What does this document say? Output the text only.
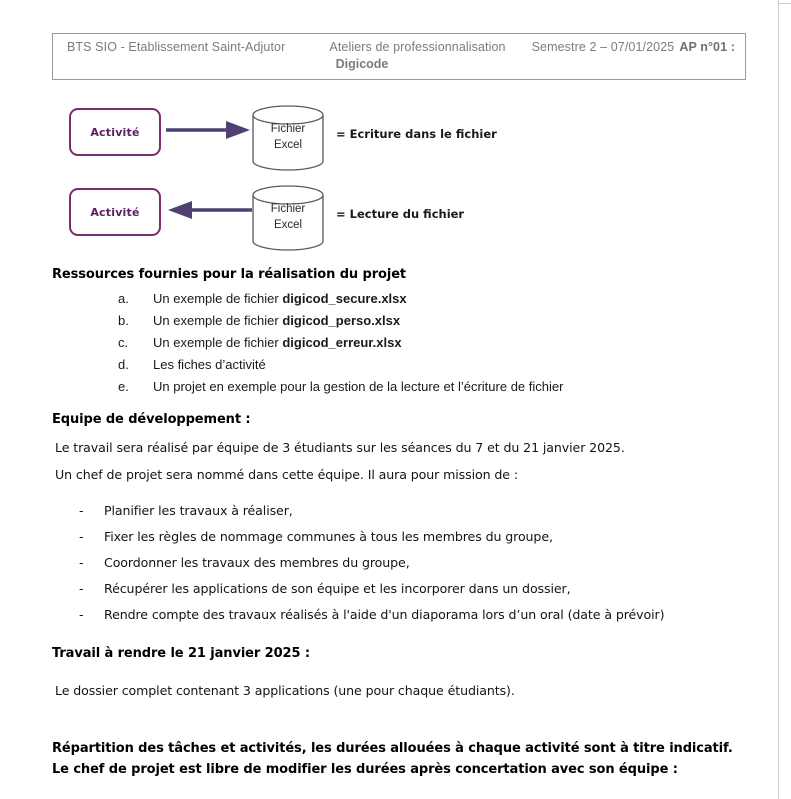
BTS SIO - Etablissement Saint-Adjutor	Ateliers de professionnalisation Semestre 2 – 07/01/2025 AP n°01 :
Digicode
Activité	Fichier
Excel
= Ecriture dans le fichier
Activité	Fichier
Excel
= Lecture du fichier
Ressources fournies pour la réalisation du projet
a.	Un exemple de fichier digicod_secure.xlsx
b.	Un exemple de fichier digicod_perso.xlsx
c.	Un exemple de fichier digicod_erreur.xlsx
d.	Les fiches d’activité
e.	Un projet en exemple pour la gestion de la lecture et l’écriture de fichier
Equipe de développement :
Le travail sera réalisé par équipe de 3 étudiants sur les séances du 7 et du 21 janvier 2025.
Un chef de projet sera nommé dans cette équipe. Il aura pour mission de :
- Planifier les travaux à réaliser,
- Fixer les règles de nommage communes à tous les membres du groupe,
- Coordonner les travaux des membres du groupe,
- Récupérer les applications de son équipe et les incorporer dans un dossier,
- Rendre compte des travaux réalisés à l'aide d'un diaporama lors d’un oral (date à prévoir)
Travail à rendre le 21 janvier 2025 :
Le dossier complet contenant 3 applications (une pour chaque étudiants).
Répartition des tâches et activités, les durées allouées à chaque activité sont à titre indicatif. Le chef de projet est libre de modifier les durées après concertation avec son équipe :
